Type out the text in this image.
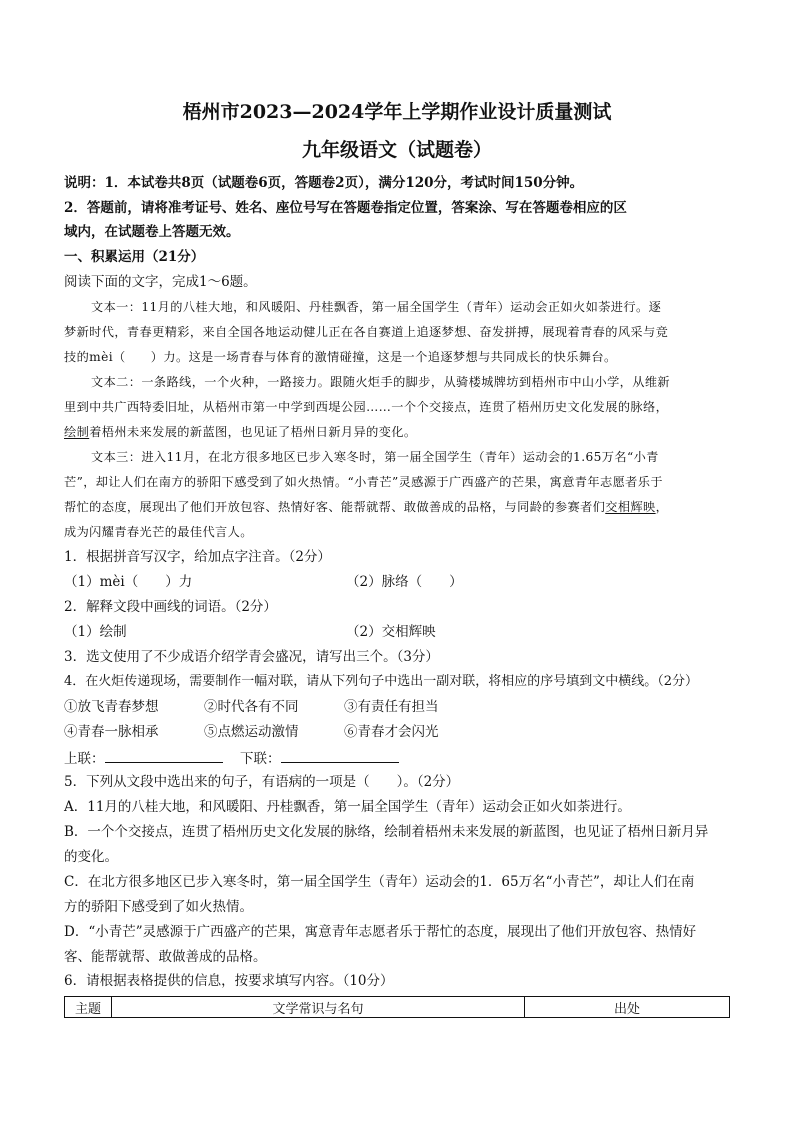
梧州市2023—2024学年上学期作业设计质量测试
九年级语文（试题卷）
说明：1．本试卷共8页（试题卷6页，答题卷2页），满分120分，考试时间150分钟。
2．答题前，请将准考证号、姓名、座位号写在答题卷指定位置，答案涂、写在答题卷相应的区
域内，在试题卷上答题无效。
一、积累运用（21分）
阅读下面的文字，完成1～6题。
文本一：11月的八桂大地，和风暖阳、丹桂飘香，第一届全国学生（青年）运动会正如火如荼进行。逐
梦新时代，青春更精彩，来自全国各地运动健儿正在各自赛道上追逐梦想、奋发拼搏，展现着青春的风采与竞
技的mèi（　　）力。这是一场青春与体育的激情碰撞，这是一个追逐梦想与共同成长的快乐舞台。
文本二：一条路线，一个火种，一路接力。跟随火炬手的脚步，从骑楼城牌坊到梧州市中山小学，从维新
里到中共广西特委旧址，从梧州市第一中学到西堤公园……一个个交接点，连贯了梧州历史文化发展的脉络，
绘制着梧州未来发展的新蓝图，也见证了梧州日新月异的变化。
文本三：进入11月，在北方很多地区已步入寒冬时，第一届全国学生（青年）运动会的1.65万名“小青
芒”，却让人们在南方的骄阳下感受到了如火热情。“小青芒”灵感源于广西盛产的芒果，寓意青年志愿者乐于
帮忙的态度，展现出了他们开放包容、热情好客、能帮就帮、敢做善成的品格，与同龄的参赛者们交相辉映，
成为闪耀青春光芒的最佳代言人。
1．根据拼音写汉字，给加点字注音。（2分）
（1）mèi（　　）力	（2）脉络（　　）
2．解释文段中画线的词语。（2分）
（1）绘制	（2）交相辉映
3．选文使用了不少成语介绍学青会盛况，请写出三个。（3分）
4．在火炬传递现场，需要制作一幅对联，请从下列句子中选出一副对联，将相应的序号填到文中横线。（2分）
①放飞青春梦想	②时代各有不同	③有责任有担当
④青春一脉相承	⑤点燃运动激情	⑥青春才会闪光
上联：	下联：
5．下列从文段中选出来的句子，有语病的一项是（　　）。（2分）
A．11月的八桂大地，和风暖阳、丹桂飘香，第一届全国学生（青年）运动会正如火如荼进行。
B．一个个交接点，连贯了梧州历史文化发展的脉络，绘制着梧州未来发展的新蓝图，也见证了梧州日新月异
的变化。
C．在北方很多地区已步入寒冬时，第一届全国学生（青年）运动会的1．65万名“小青芒”，却让人们在南
方的骄阳下感受到了如火热情。
D．“小青芒”灵感源于广西盛产的芒果，寓意青年志愿者乐于帮忙的态度，展现出了他们开放包容、热情好
客、能帮就帮、敢做善成的品格。
6．请根据表格提供的信息，按要求填写内容。（10分）
主题	文学常识与名句	出处
